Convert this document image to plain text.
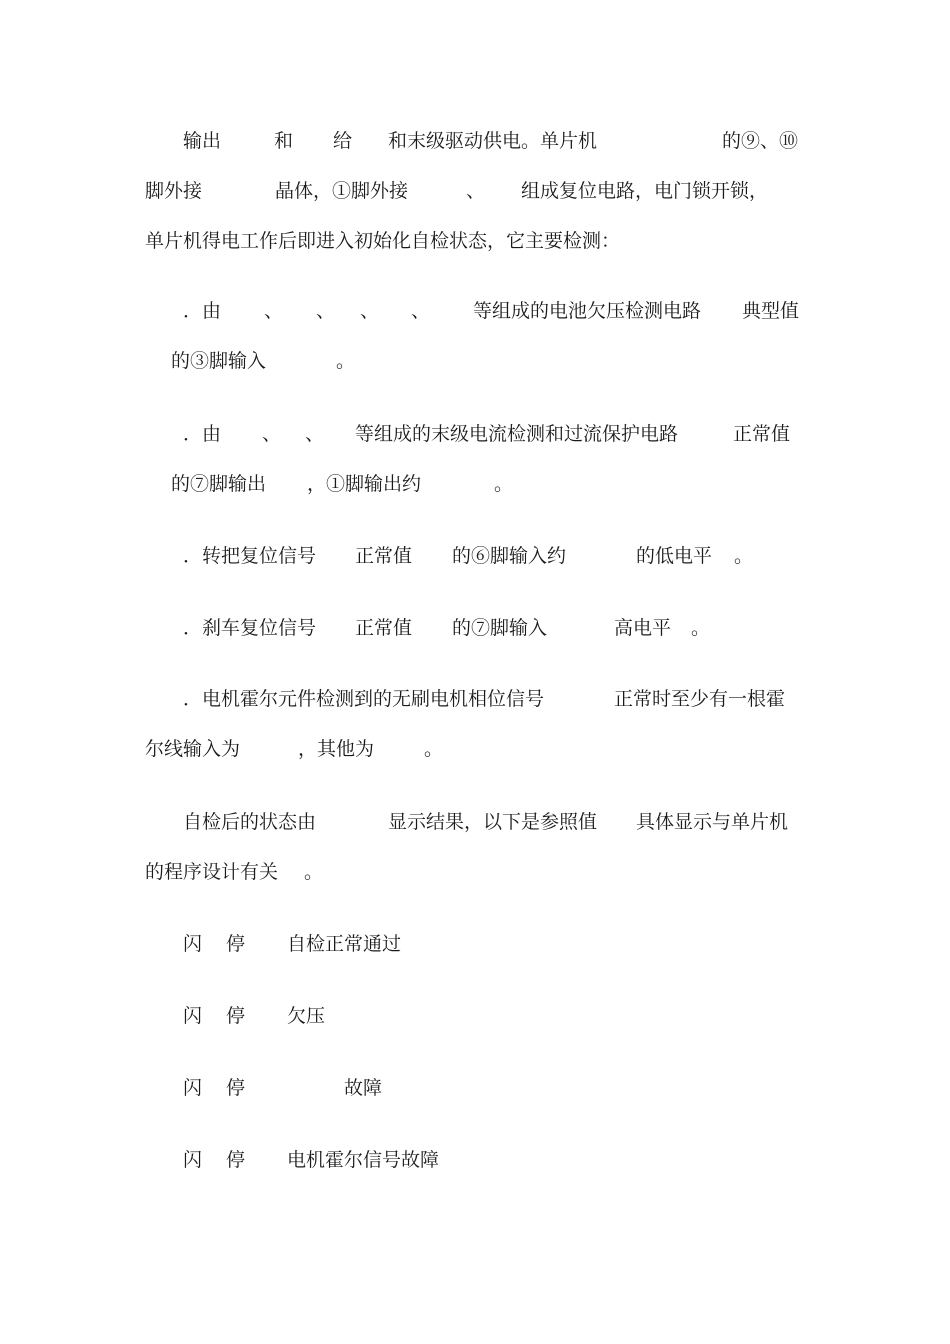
输出	和 给 和末级驱动供电。单片机	的⑨、⑩
脚外接	晶体，①脚外接	、 组成复位电路，电门锁开锁，
单片机得电工作后即进入初始化自检状态，它主要检测：
．由 、 、 、 、 等组成的电池欠压检测电路 典型值
的③脚输入	。
．由 、 、 等组成的末级电流检测和过流保护电路	正常值
的⑦脚输出 ，①脚输出约	。
．转把复位信号 正常值 的⑥脚输入约	的低电平 。
．刹车复位信号 正常值 的⑦脚输入	高电平 。
．电机霍尔元件检测到的无刷电机相位信号	正常时至少有一根霍
尔线输入为	，其他为	。
自检后的状态由	显示结果，以下是参照值 具体显示与单片机
的程序设计有关 。
闪 停 自检正常通过
闪 停 欠压
闪 停	故障
闪 停 电机霍尔信号故障
